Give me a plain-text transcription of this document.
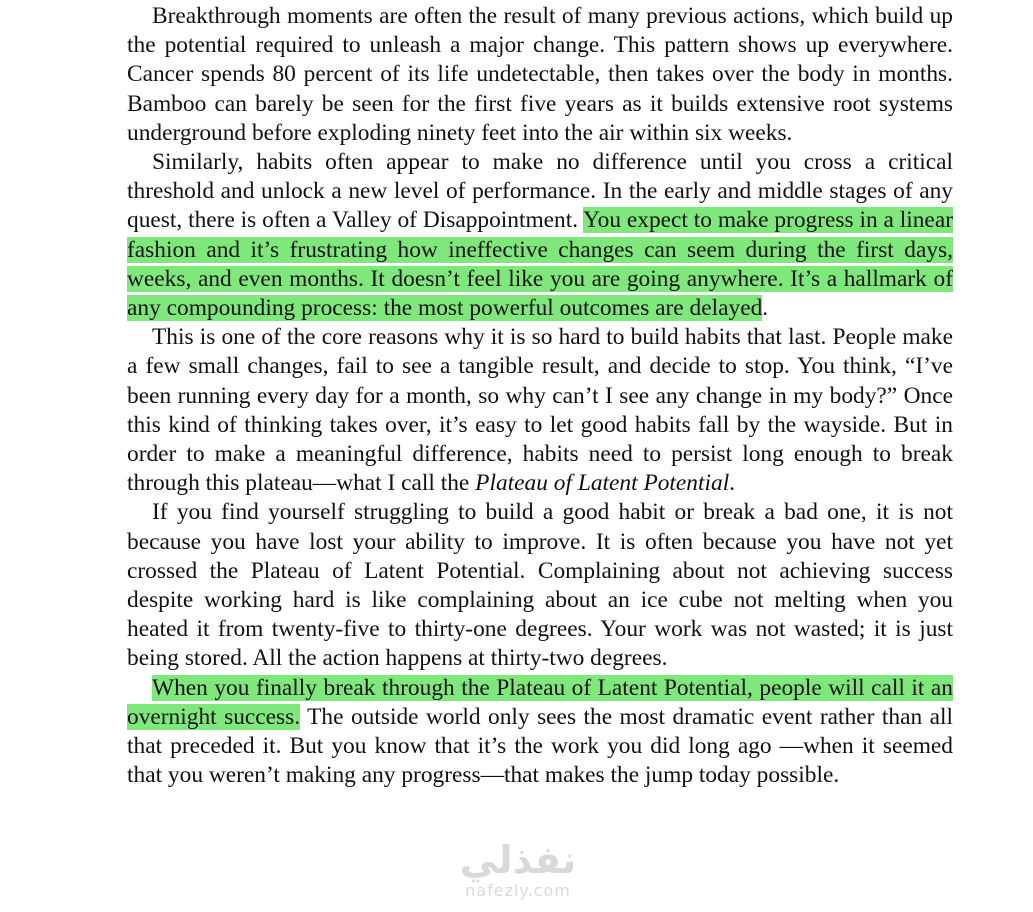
Breakthrough moments are often the result of many previous actions, which build up the potential required to unleash a major change. This pattern shows up everywhere. Cancer spends 80 percent of its life undetectable, then takes over the body in months. Bamboo can barely be seen for the first five years as it builds extensive root systems underground before exploding ninety feet into the air within six weeks.

Similarly, habits often appear to make no difference until you cross a critical threshold and unlock a new level of performance. In the early and middle stages of any quest, there is often a Valley of Disappointment. You expect to make progress in a linear fashion and it’s frustrating how ineffective changes can seem during the first days, weeks, and even months. It doesn’t feel like you are going anywhere. It’s a hallmark of any compounding process: the most powerful outcomes are delayed.

This is one of the core reasons why it is so hard to build habits that last. People make a few small changes, fail to see a tangible result, and decide to stop. You think, “I’ve been running every day for a month, so why can’t I see any change in my body?” Once this kind of thinking takes over, it’s easy to let good habits fall by the wayside. But in order to make a meaningful difference, habits need to persist long enough to break through this plateau—what I call the Plateau of Latent Potential.

If you find yourself struggling to build a good habit or break a bad one, it is not because you have lost your ability to improve. It is often because you have not yet crossed the Plateau of Latent Potential. Complaining about not achieving success despite working hard is like complaining about an ice cube not melting when you heated it from twenty-five to thirty-one degrees. Your work was not wasted; it is just being stored. All the action happens at thirty-two degrees.

When you finally break through the Plateau of Latent Potential, people will call it an overnight success. The outside world only sees the most dramatic event rather than all that preceded it. But you know that it’s the work you did long ago —when it seemed that you weren’t making any progress—that makes the jump today possible.

نفذلي
nafezly.com
